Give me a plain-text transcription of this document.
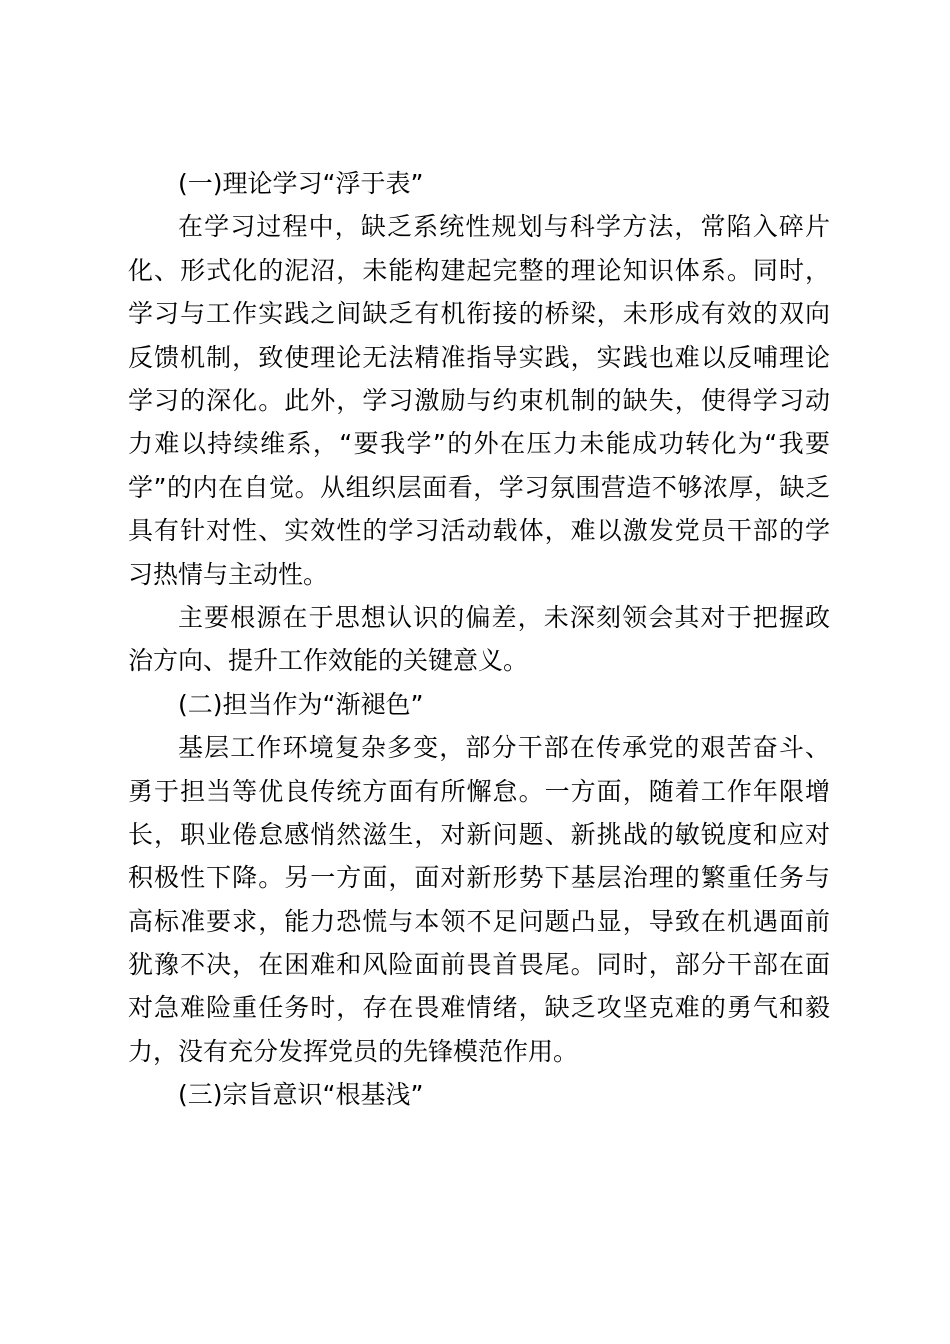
(一)理论学习“浮于表”

在学习过程中，缺乏系统性规划与科学方法，常陷入碎片
化、形式化的泥沼，未能构建起完整的理论知识体系。同时，
学习与工作实践之间缺乏有机衔接的桥梁，未形成有效的双向
反馈机制，致使理论无法精准指导实践，实践也难以反哺理论
学习的深化。此外，学习激励与约束机制的缺失，使得学习动
力难以持续维系，“要我学”的外在压力未能成功转化为“我要
学”的内在自觉。从组织层面看，学习氛围营造不够浓厚，缺乏
具有针对性、实效性的学习活动载体，难以激发党员干部的学
习热情与主动性。

主要根源在于思想认识的偏差，未深刻领会其对于把握政
治方向、提升工作效能的关键意义。

(二)担当作为“渐褪色”

基层工作环境复杂多变，部分干部在传承党的艰苦奋斗、
勇于担当等优良传统方面有所懈怠。一方面，随着工作年限增
长，职业倦怠感悄然滋生，对新问题、新挑战的敏锐度和应对
积极性下降。另一方面，面对新形势下基层治理的繁重任务与
高标准要求，能力恐慌与本领不足问题凸显，导致在机遇面前
犹豫不决，在困难和风险面前畏首畏尾。同时，部分干部在面
对急难险重任务时，存在畏难情绪，缺乏攻坚克难的勇气和毅
力，没有充分发挥党员的先锋模范作用。

(三)宗旨意识“根基浅”
